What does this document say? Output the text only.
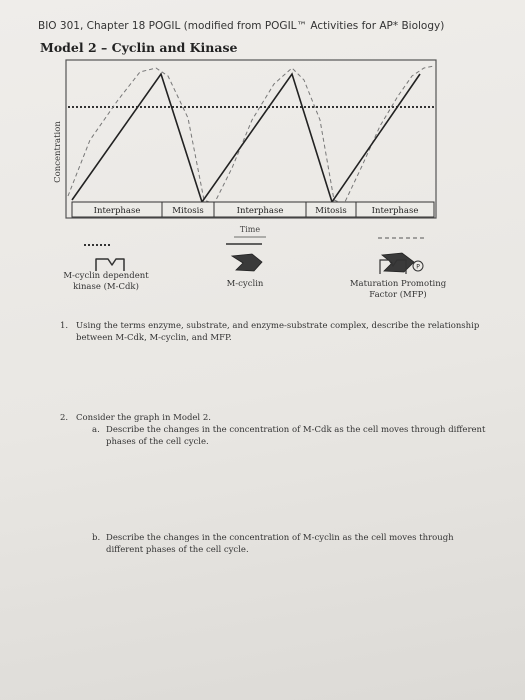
BIO 301, Chapter 18 POGIL (modified from POGIL™ Activities for AP* Biology)
Model 2 – Cyclin and Kinase
Concentration
Interphase	Mitosis	Interphase	Mitosis	Interphase
Time
P
M-cyclin dependent kinase (M-Cdk)	M-cyclin	Maturation Promoting Factor (MFP)
1. Using the terms enzyme, substrate, and enzyme-substrate complex, describe the relationship between M-Cdk, M-cyclin, and MFP.
2. Consider the graph in Model 2.
a. Describe the changes in the concentration of M-Cdk as the cell moves through different phases of the cell cycle.
b. Describe the changes in the concentration of M-cyclin as the cell moves through different phases of the cell cycle.
